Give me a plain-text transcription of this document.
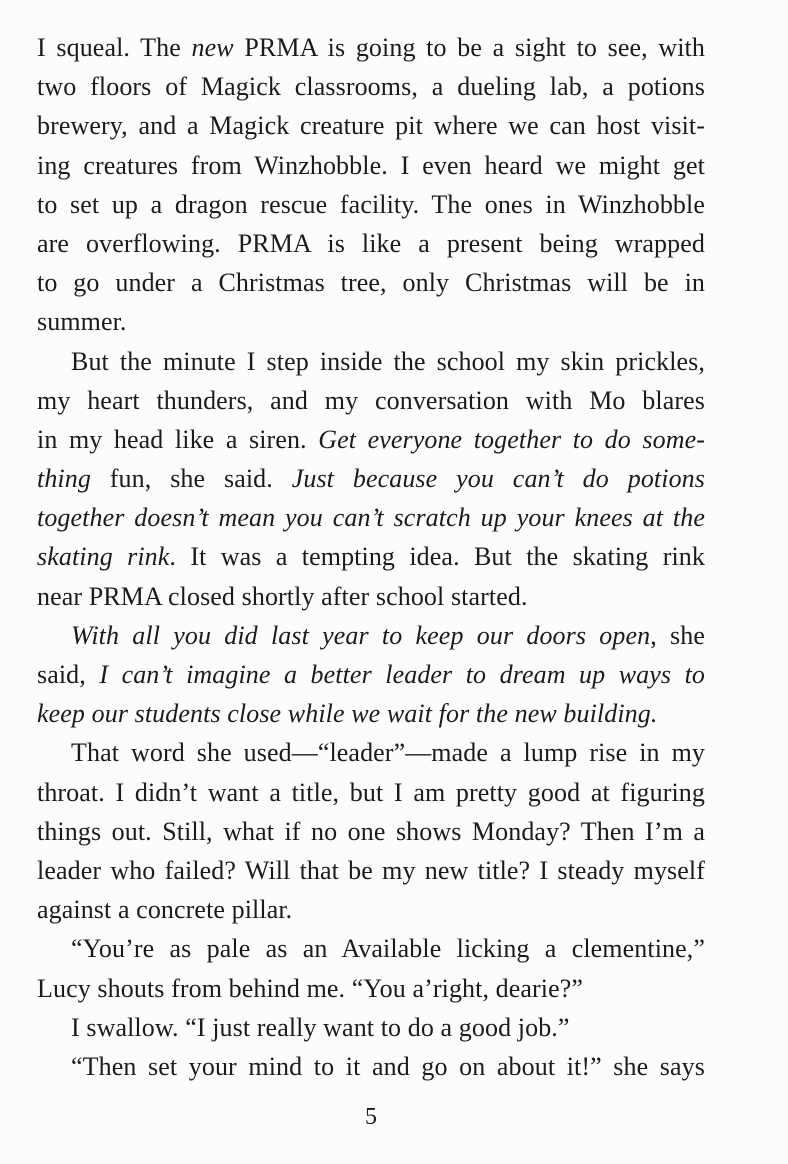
I squeal. The new PRMA is going to be a sight to see, with
two floors of Magick classrooms, a dueling lab, a potions
brewery, and a Magick creature pit where we can host visit-
ing creatures from Winzhobble. I even heard we might get
to set up a dragon rescue facility. The ones in Winzhobble
are overflowing. PRMA is like a present being wrapped
to go under a Christmas tree, only Christmas will be in
summer.
But the minute I step inside the school my skin prickles,
my heart thunders, and my conversation with Mo blares
in my head like a siren. Get everyone together to do some-
thing fun, she said. Just because you can’t do potions
together doesn’t mean you can’t scratch up your knees at the
skating rink. It was a tempting idea. But the skating rink
near PRMA closed shortly after school started.
With all you did last year to keep our doors open, she
said, I can’t imagine a better leader to dream up ways to
keep our students close while we wait for the new building.
That word she used—“leader”—made a lump rise in my
throat. I didn’t want a title, but I am pretty good at figuring
things out. Still, what if no one shows Monday? Then I’m a
leader who failed? Will that be my new title? I steady myself
against a concrete pillar.
“You’re as pale as an Available licking a clementine,”
Lucy shouts from behind me. “You a’right, dearie?”
I swallow. “I just really want to do a good job.”
“Then set your mind to it and go on about it!” she says
5
